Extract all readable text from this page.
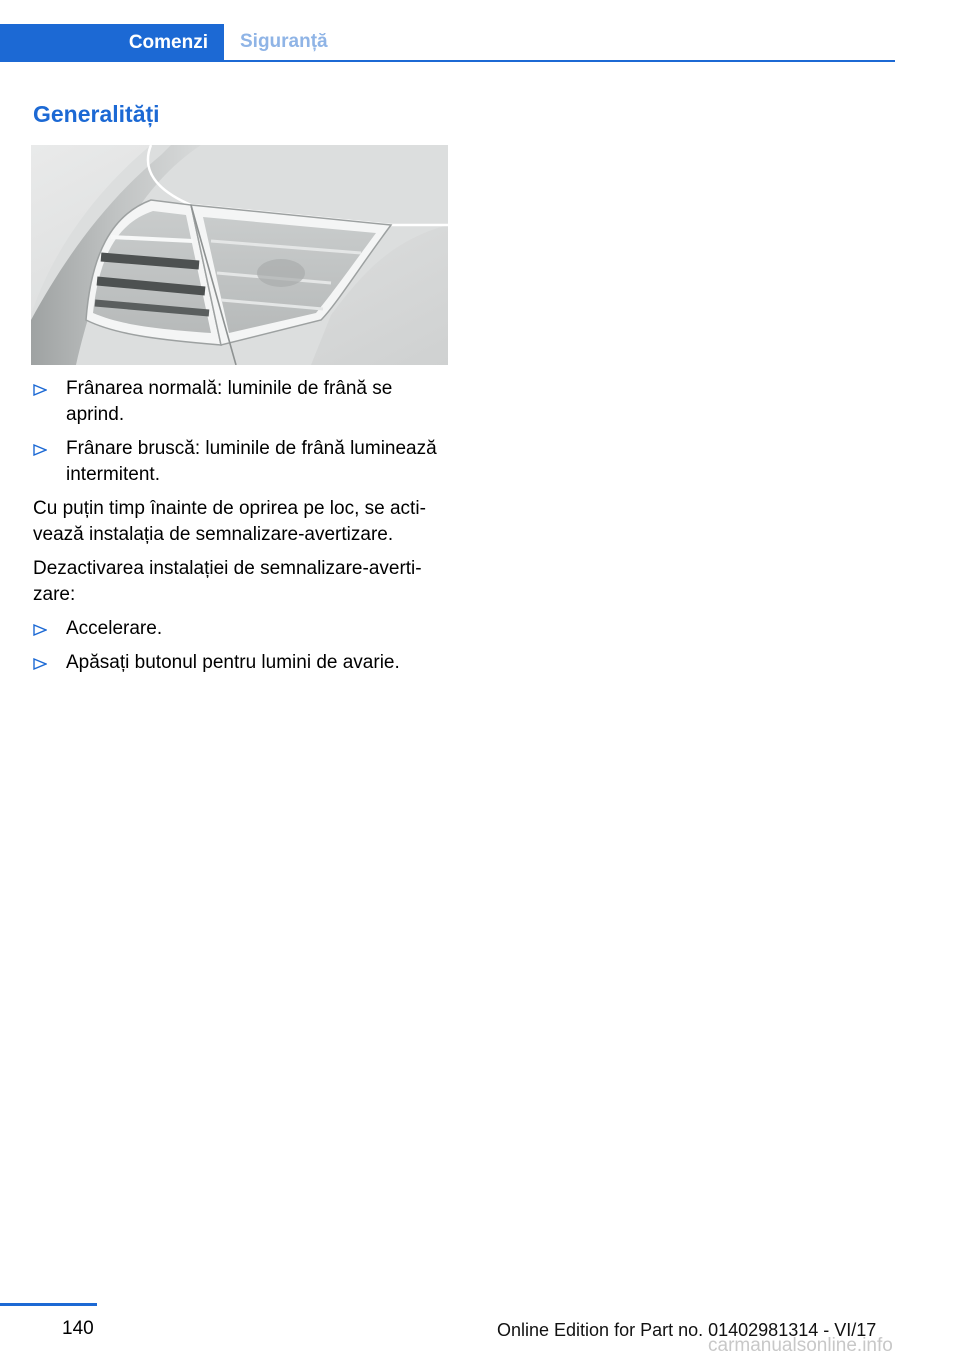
Comenzi	Siguranță
Generalități
Frânarea normală: luminile de frână se aprind.
Frânare bruscă: luminile de frână luminează intermitent.
Cu puțin timp înainte de oprirea pe loc, se activează instalația de semnalizare-avertizare.
Dezactivarea instalației de semnalizare-avertizare:
Accelerare.
Apăsați butonul pentru lumini de avarie.
140	Online Edition for Part no. 01402981314 - VI/17
carmanualsonline.info
